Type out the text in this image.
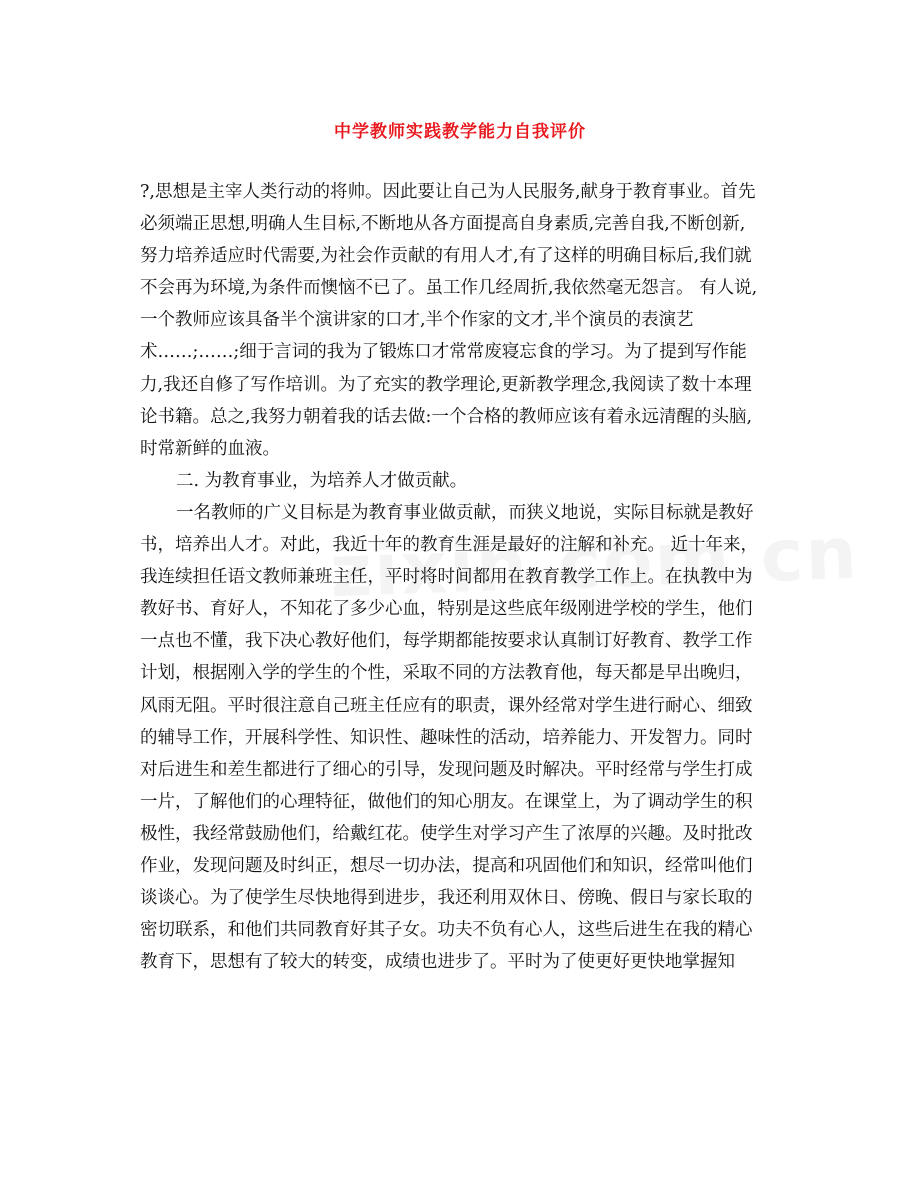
中学教师实践教学能力自我评价
?,思想是主宰人类行动的将帅。因此要让自己为人民服务,献身于教育事业。首先
必须端正思想,明确人生目标,不断地从各方面提高自身素质,完善自我,不断创新,
努力培养适应时代需要,为社会作贡献的有用人才,有了这样的明确目标后,我们就
不会再为环境,为条件而懊恼不已了。虽工作几经周折,我依然毫无怨言。 有人说,
一个教师应该具备半个演讲家的口才,半个作家的文才,半个演员的表演艺
术……;……;细于言词的我为了锻炼口才常常废寝忘食的学习。为了提到写作能
力,我还自修了写作培训。为了充实的教学理论,更新教学理念,我阅读了数十本理
论书籍。总之,我努力朝着我的话去做:一个合格的教师应该有着永远清醒的头脑,
时常新鲜的血液。
二. 为教育事业，为培养人才做贡献。
一名教师的广义目标是为教育事业做贡献，而狭义地说，实际目标就是教好
书，培养出人才。对此，我近十年的教育生涯是最好的注解和补充。 近十年来，
我连续担任语文教师兼班主任，平时将时间都用在教育教学工作上。在执教中为
教好书、育好人，不知花了多少心血，特别是这些底年级刚进学校的学生，他们
一点也不懂，我下决心教好他们，每学期都能按要求认真制订好教育、教学工作
计划，根据刚入学的学生的个性，采取不同的方法教育他，每天都是早出晚归，
风雨无阻。平时很注意自己班主任应有的职责，课外经常对学生进行耐心、细致
的辅导工作，开展科学性、知识性、趣味性的活动，培养能力、开发智力。同时
对后进生和差生都进行了细心的引导，发现问题及时解决。平时经常与学生打成
一片，了解他们的心理特征，做他们的知心朋友。在课堂上，为了调动学生的积
极性，我经常鼓励他们，给戴红花。使学生对学习产生了浓厚的兴趣。及时批改
作业，发现问题及时纠正，想尽一切办法，提高和巩固他们和知识，经常叫他们
谈谈心。为了使学生尽快地得到进步，我还利用双休日、傍晚、假日与家长取的
密切联系，和他们共同教育好其子女。功夫不负有心人，这些后进生在我的精心
教育下，思想有了较大的转变，成绩也进步了。平时为了使更好更快地掌握知
